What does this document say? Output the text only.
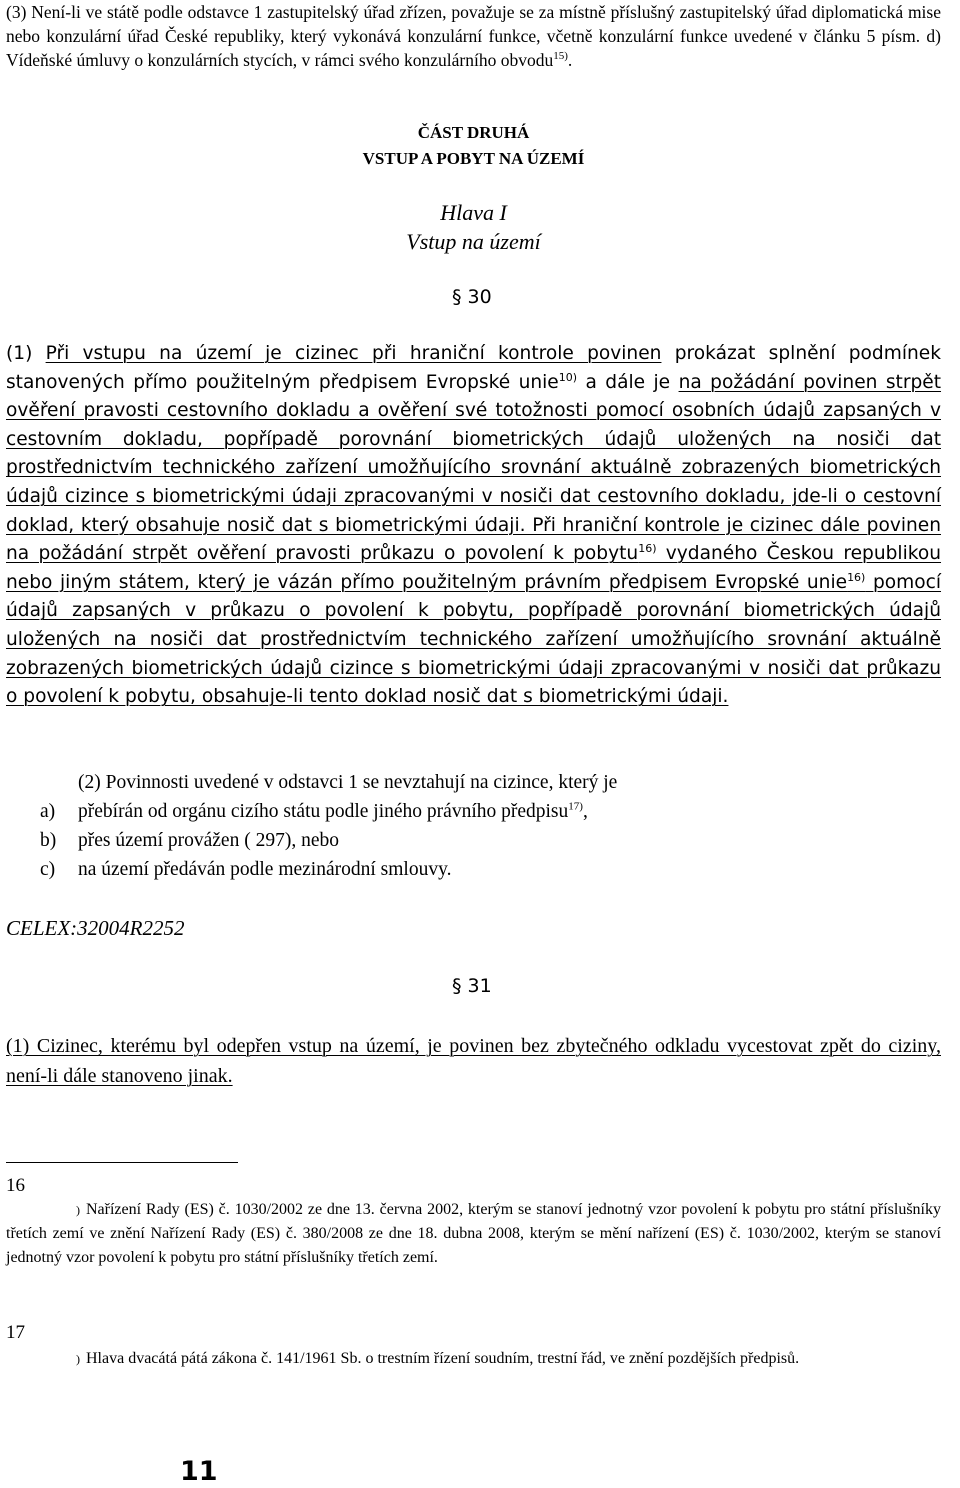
(3) Není-li ve státě podle odstavce 1 zastupitelský úřad zřízen, považuje se za místně příslušný zastupitelský úřad diplomatická mise nebo konzulární úřad České republiky, který vykonává konzulární funkce, včetně konzulární funkce uvedené v článku 5 písm. d) Vídeňské úmluvy o konzulárních stycích, v rámci svého konzulárního obvodu$^{15)}$.
ČÁST DRUHÁ
VSTUP A POBYT NA ÚZEMÍ
Hlava I
Vstup na území
§ 30
(1) Při vstupu na území je cizinec při hraniční kontrole povinen prokázat splnění podmínek stanovených přímo použitelným předpisem Evropské unie$^{10)}$ a dále je na požádání povinen strpět ověření pravosti cestovního dokladu a ověření své totožnosti pomocí osobních údajů zapsaných v cestovním dokladu, popřípadě porovnání biometrických údajů uložených na nosiči dat prostřednictvím technického zařízení umožňujícího srovnání aktuálně zobrazených biometrických údajů cizince s biometrickými údaji zpracovanými v nosiči dat cestovního dokladu, jde-li o cestovní doklad, který obsahuje nosič dat s biometrickými údaji. Při hraniční kontrole je cizinec dále povinen na požádání strpět ověření pravosti průkazu o povolení k pobytu$^{16)}$ vydaného Českou republikou nebo jiným státem, který je vázán přímo použitelným právním předpisem Evropské unie$^{16)}$ pomocí údajů zapsaných v průkazu o povolení k pobytu, popřípadě porovnání biometrických údajů uložených na nosiči dat prostřednictvím technického zařízení umožňujícího srovnání aktuálně zobrazených biometrických údajů cizince s biometrickými údaji zpracovanými v nosiči dat průkazu o povolení k pobytu, obsahuje-li tento doklad nosič dat s biometrickými údaji.
(2) Povinnosti uvedené v odstavci 1 se nevztahují na cizince, který je
a)	přebírán od orgánu cizího státu podle jiného právního předpisu$^{17)}$,
b)	přes území provážen ( 297), nebo
c)	na území předáván podle mezinárodní smlouvy.
CELEX:32004R2252
§ 31
(1) Cizinec, kterému byl odepřen vstup na území, je povinen bez zbytečného odkladu vycestovat zpět do ciziny, není-li dále stanoveno jinak.
16
) Nařízení Rady (ES) č. 1030/2002 ze dne 13. června 2002, kterým se stanoví jednotný vzor povolení k pobytu pro státní příslušníky třetích zemí ve znění Nařízení Rady (ES) č. 380/2008 ze dne 18. dubna 2008, kterým se mění nařízení (ES) č. 1030/2002, kterým se stanoví jednotný vzor povolení k pobytu pro státní příslušníky třetích zemí.
17
) Hlava dvacátá pátá zákona č. 141/1961 Sb. o trestním řízení soudním, trestní řád, ve znění pozdějších předpisů.
11
